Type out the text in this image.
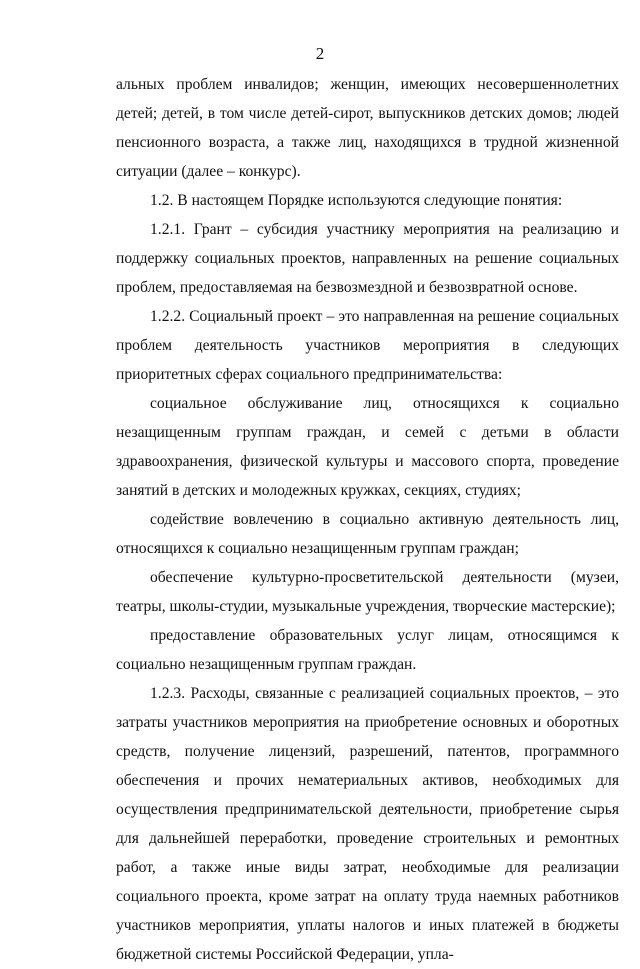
2

альных проблем инвалидов; женщин, имеющих несовершеннолетних детей; детей, в том числе детей-сирот, выпускников детских домов; людей пенсионного возраста, а также лиц, находящихся в трудной жизненной ситуации (далее – конкурс).

1.2. В настоящем Порядке используются следующие понятия:

1.2.1. Грант – субсидия участнику мероприятия на реализацию и поддержку социальных проектов, направленных на решение социальных проблем, предоставляемая на безвозмездной и безвозвратной основе.

1.2.2. Социальный проект – это направленная на решение социальных проблем деятельность участников мероприятия в следующих приоритетных сферах социального предпринимательства:

социальное обслуживание лиц, относящихся к социально незащищенным группам граждан, и семей с детьми в области здравоохранения, физической культуры и массового спорта, проведение занятий в детских и молодежных кружках, секциях, студиях;

содействие вовлечению в социально активную деятельность лиц, относящихся к социально незащищенным группам граждан;

обеспечение культурно-просветительской деятельности (музеи, театры, школы-студии, музыкальные учреждения, творческие мастерские);

предоставление образовательных услуг лицам, относящимся к социально незащищенным группам граждан.

1.2.3. Расходы, связанные с реализацией социальных проектов, – это затраты участников мероприятия на приобретение основных и оборотных средств, получение лицензий, разрешений, патентов, программного обеспечения и прочих нематериальных активов, необходимых для осуществления предпринимательской деятельности, приобретение сырья для дальнейшей переработки, проведение строительных и ремонтных работ, а также иные виды затрат, необходимые для реализации социального проекта, кроме затрат на оплату труда наемных работников участников мероприятия, уплаты налогов и иных платежей в бюджеты бюджетной системы Российской Федерации, упла-
